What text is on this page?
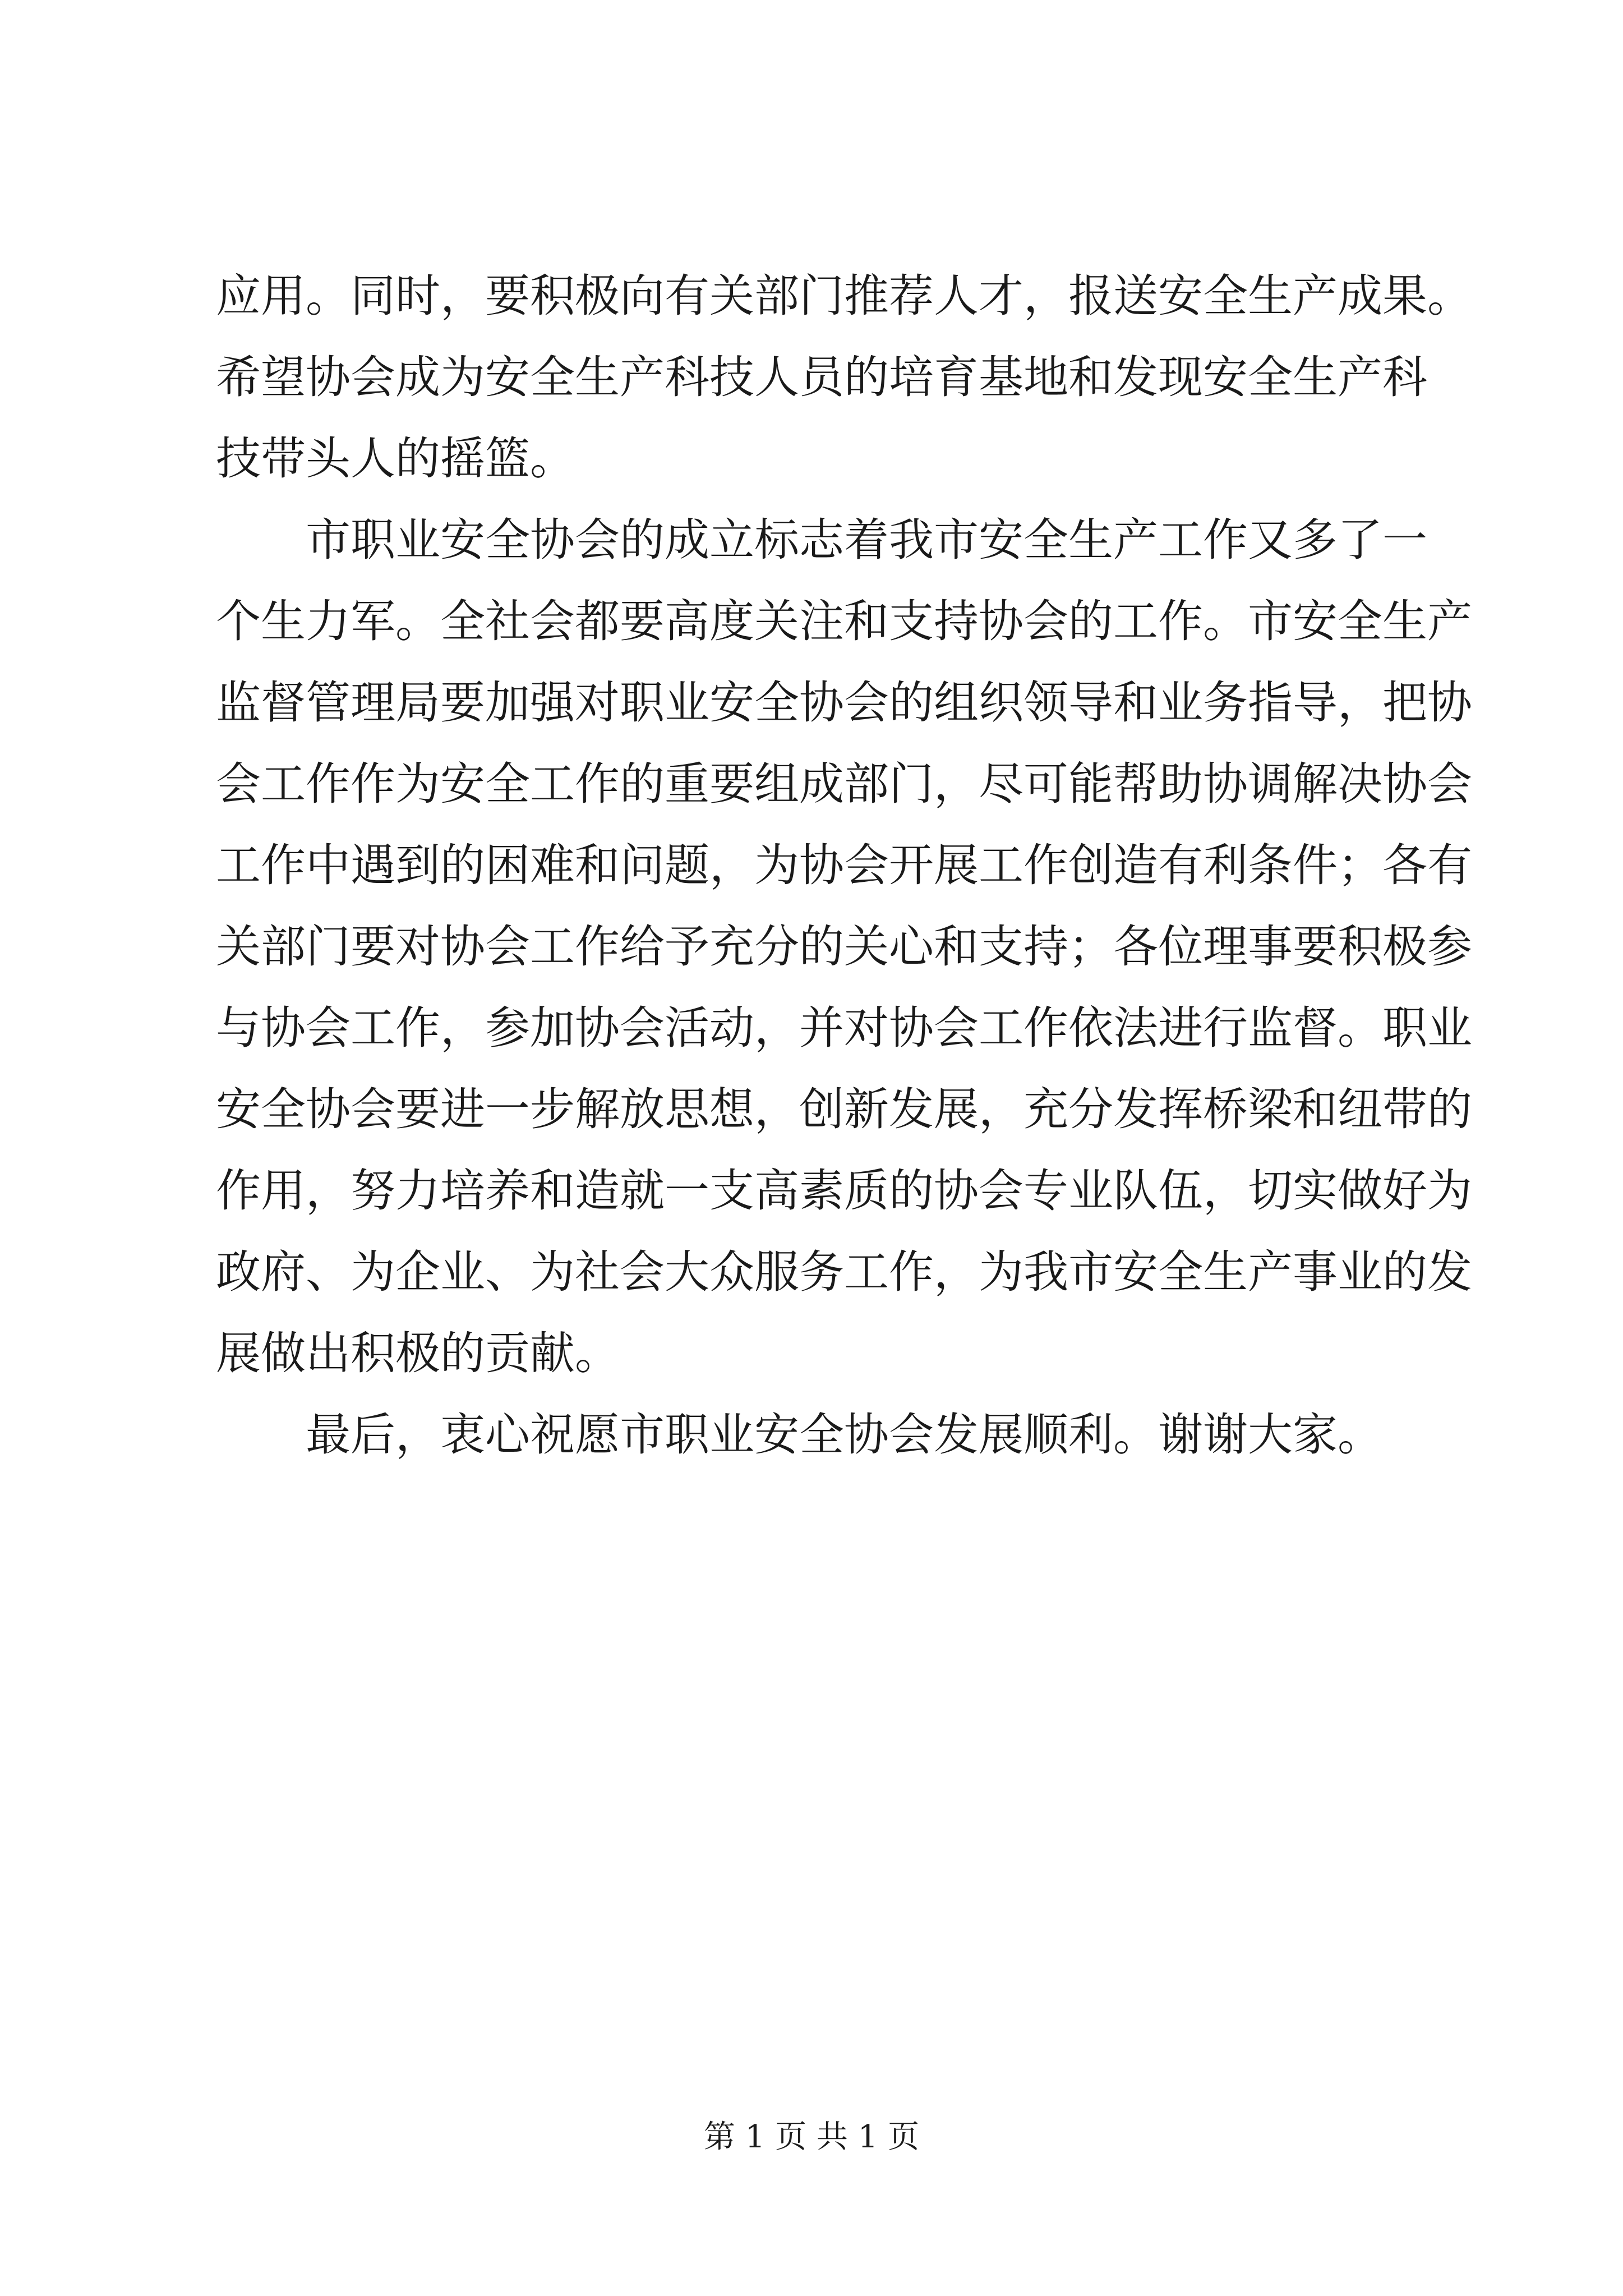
应用。同时，要积极向有关部门推荐人才，报送安全生产成果。
希望协会成为安全生产科技人员的培育基地和发现安全生产科
技带头人的摇篮。
　　市职业安全协会的成立标志着我市安全生产工作又多了一
个生力军。全社会都要高度关注和支持协会的工作。市安全生产
监督管理局要加强对职业安全协会的组织领导和业务指导，把协
会工作作为安全工作的重要组成部门，尽可能帮助协调解决协会
工作中遇到的困难和问题，为协会开展工作创造有利条件；各有
关部门要对协会工作给予充分的关心和支持；各位理事要积极参
与协会工作，参加协会活动，并对协会工作依法进行监督。职业
安全协会要进一步解放思想，创新发展，充分发挥桥梁和纽带的
作用，努力培养和造就一支高素质的协会专业队伍，切实做好为
政府、为企业、为社会大众服务工作，为我市安全生产事业的发
展做出积极的贡献。
　　最后，衷心祝愿市职业安全协会发展顺利。谢谢大家。
第 1 页 共 1 页
